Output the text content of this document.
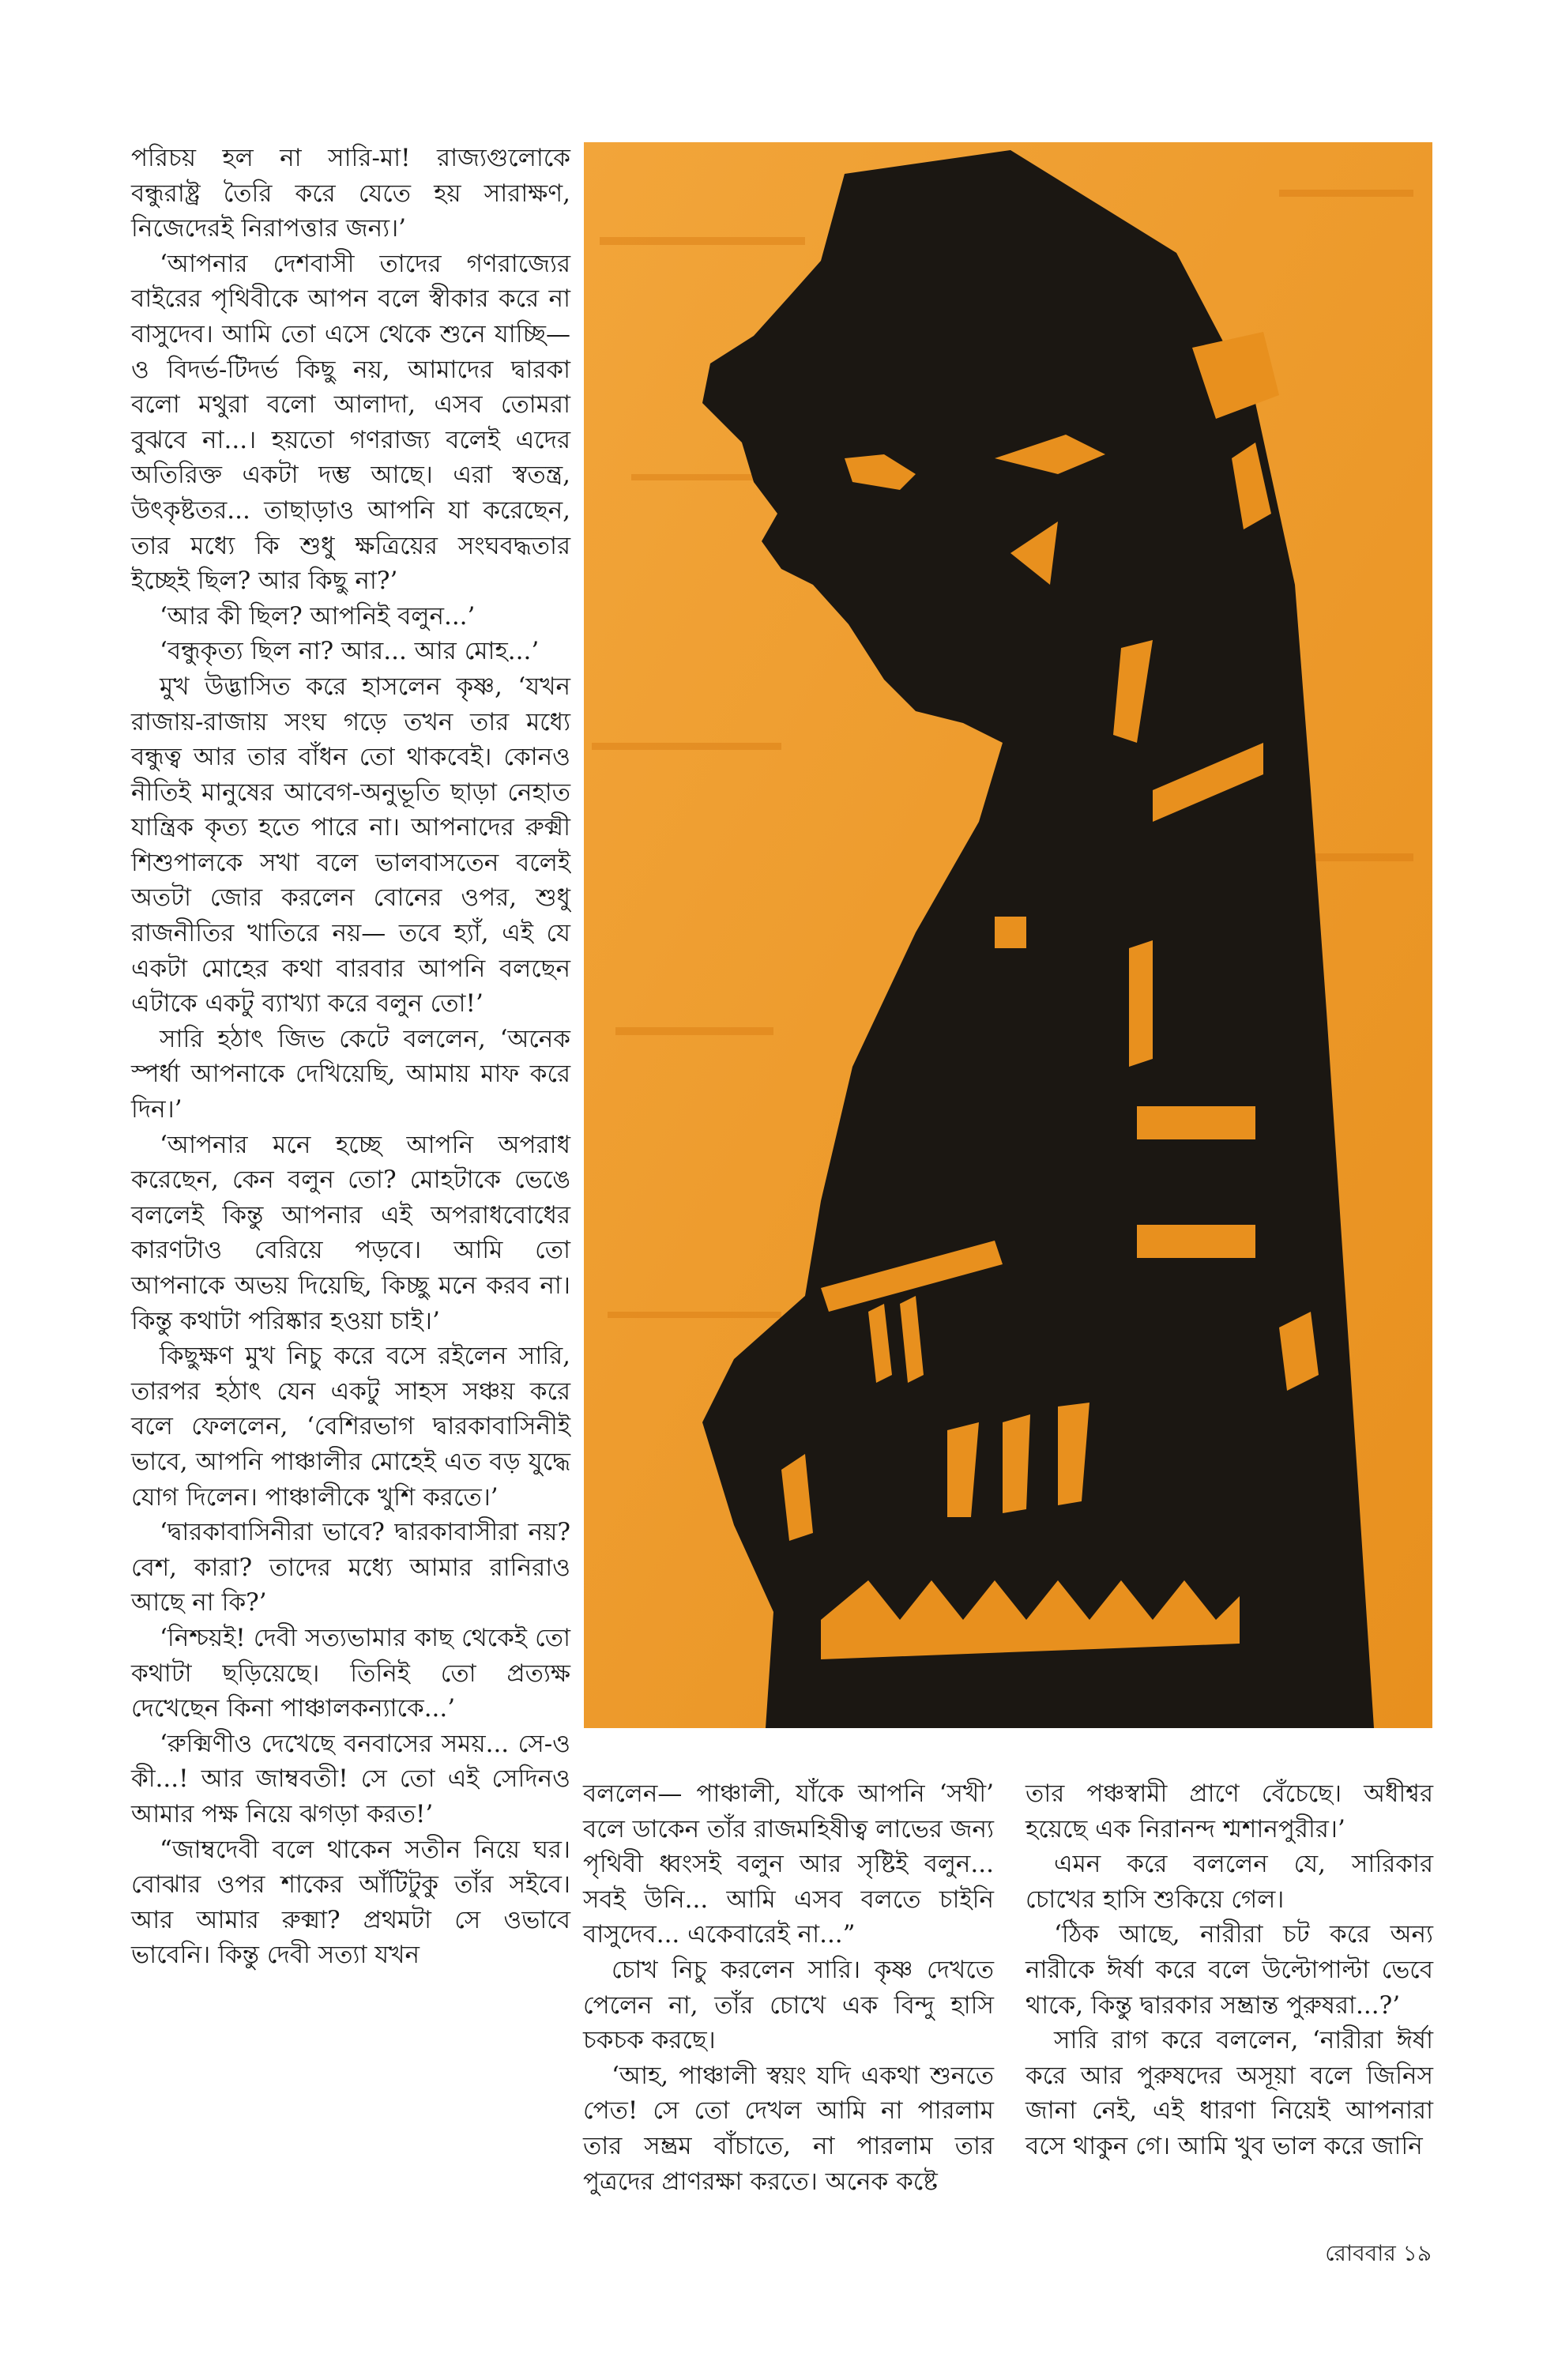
পরিচয় হল না সারি-মা! রাজ্যগুলোকে বন্ধুরাষ্ট্র তৈরি করে যেতে হয় সারাক্ষণ, নিজেদেরই নিরাপত্তার জন্য।’

‘আপনার দেশবাসী তাদের গণরাজ্যের বাইরের পৃথিবীকে আপন বলে স্বীকার করে না বাসুদেব। আমি তো এসে থেকে শুনে যাচ্ছি— ও বিদর্ভ-টিদর্ভ কিছু নয়, আমাদের দ্বারকা বলো মথুরা বলো আলাদা, এসব তোমরা বুঝবে না...। হয়তো গণরাজ্য বলেই এদের অতিরিক্ত একটা দম্ভ আছে। এরা স্বতন্ত্র, উৎকৃষ্টতর... তাছাড়াও আপনি যা করেছেন, তার মধ্যে কি শুধু ক্ষত্রিয়ের সংঘবদ্ধতার ইচ্ছেই ছিল? আর কিছু না?’

‘আর কী ছিল? আপনিই বলুন...’

‘বন্ধুকৃত্য ছিল না? আর... আর মোহ...’

মুখ উদ্ভাসিত করে হাসলেন কৃষ্ণ, ‘যখন রাজায়-রাজায় সংঘ গড়ে তখন তার মধ্যে বন্ধুত্ব আর তার বাঁধন তো থাকবেই। কোনও নীতিই মানুষের আবেগ-অনুভূতি ছাড়া নেহাত যান্ত্রিক কৃত্য হতে পারে না। আপনাদের রুক্মী শিশুপালকে সখা বলে ভালবাসতেন বলেই অতটা জোর করলেন বোনের ওপর, শুধু রাজনীতির খাতিরে নয়— তবে হ্যাঁ, এই যে একটা মোহের কথা বারবার আপনি বলছেন এটাকে একটু ব্যাখ্যা করে বলুন তো!’

সারি হঠাৎ জিভ কেটে বললেন, ‘অনেক স্পর্ধা আপনাকে দেখিয়েছি, আমায় মাফ করে দিন।’

‘আপনার মনে হচ্ছে আপনি অপরাধ করেছেন, কেন বলুন তো? মোহটাকে ভেঙে বললেই কিন্তু আপনার এই অপরাধবোধের কারণটাও বেরিয়ে পড়বে। আমি তো আপনাকে অভয় দিয়েছি, কিচ্ছু মনে করব না। কিন্তু কথাটা পরিষ্কার হওয়া চাই।’

কিছুক্ষণ মুখ নিচু করে বসে রইলেন সারি, তারপর হঠাৎ যেন একটু সাহস সঞ্চয় করে বলে ফেললেন, ‘বেশিরভাগ দ্বারকাবাসিনীই ভাবে, আপনি পাঞ্চালীর মোহেই এত বড় যুদ্ধে যোগ দিলেন। পাঞ্চালীকে খুশি করতে।’

‘দ্বারকাবাসিনীরা ভাবে? দ্বারকাবাসীরা নয়? বেশ, কারা? তাদের মধ্যে আমার রানিরাও আছে না কি?’

‘নিশ্চয়ই! দেবী সত্যভামার কাছ থেকেই তো কথাটা ছড়িয়েছে। তিনিই তো প্রত্যক্ষ দেখেছেন কিনা পাঞ্চালকন্যাকে...’

‘রুক্মিণীও দেখেছে বনবাসের সময়... সে-ও কী...! আর জাম্ববতী! সে তো এই সেদিনও আমার পক্ষ নিয়ে ঝগড়া করত!’

“জাম্বদেবী বলে থাকেন সতীন নিয়ে ঘর। বোঝার ওপর শাকের আঁটিটুকু তাঁর সইবে। আর আমার রুক্মা? প্রথমটা সে ওভাবে ভাবেনি। কিন্তু দেবী সত্যা যখন

বললেন— পাঞ্চালী, যাঁকে আপনি ‘সখী’ বলে ডাকেন তাঁর রাজমহিষীত্ব লাভের জন্য পৃথিবী ধ্বংসই বলুন আর সৃষ্টিই বলুন... সবই উনি... আমি এসব বলতে চাইনি বাসুদেব... একেবারেই না...”

চোখ নিচু করলেন সারি। কৃষ্ণ দেখতে পেলেন না, তাঁর চোখে এক বিন্দু হাসি চকচক করছে।

‘আহ, পাঞ্চালী স্বয়ং যদি একথা শুনতে পেত! সে তো দেখল আমি না পারলাম তার সম্ভ্রম বাঁচাতে, না পারলাম তার পুত্রদের প্রাণরক্ষা করতে। অনেক কষ্টে

তার পঞ্চস্বামী প্রাণে বেঁচেছে। অধীশ্বর হয়েছে এক নিরানন্দ শ্মশানপুরীর।’

এমন করে বললেন যে, সারিকার চোখের হাসি শুকিয়ে গেল।

‘ঠিক আছে, নারীরা চট করে অন্য নারীকে ঈর্ষা করে বলে উল্টোপাল্টা ভেবে থাকে, কিন্তু দ্বারকার সম্ভ্রান্ত পুরুষরা...?’

সারি রাগ করে বললেন, ‘নারীরা ঈর্ষা করে আর পুরুষদের অসূয়া বলে জিনিস জানা নেই, এই ধারণা নিয়েই আপনারা বসে থাকুন গে। আমি খুব ভাল করে জানি

রোববার ১৯
